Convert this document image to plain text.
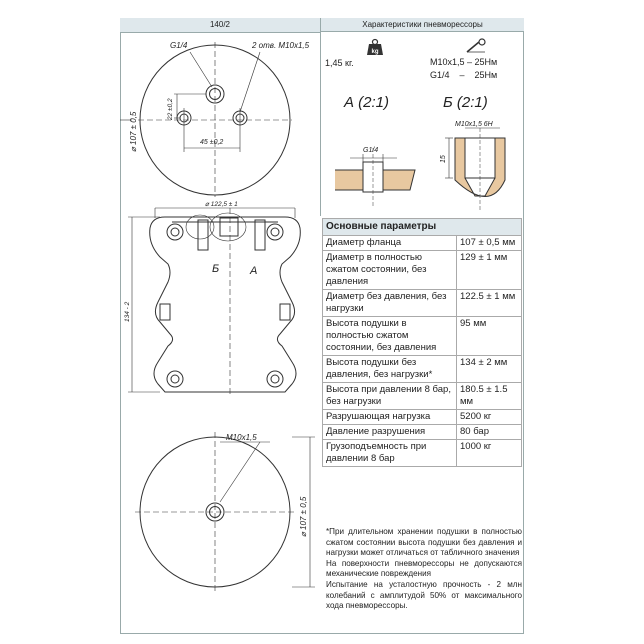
140/2	Характеристики пневморессоры
G1/4	2 отв. M10x1,5
⌀ 107 ± 0,5
22 ±0,2
45 ±0,2
⌀ 122,5 ± 1
134 - 2
Б	А
M10x1,5
⌀ 107 ± 0,5
kg
1,45 кг.	M10x1,5 – 25Нм
G1/4    –    25Нм
А (2:1)	Б (2:1)
G1/4
M10x1,5 6H
15
Основные параметры	
Диаметр фланца	107 ± 0,5 мм
Диаметр в полностью сжатом состоянии, без давления	129 ± 1 мм
Диаметр без давления, без нагрузки	122.5 ± 1 мм
Высота подушки в полностью сжатом состоянии, без давления	95 мм
Высота подушки без давления, без нагрузки*	134 ± 2 мм
Высота при давлении 8 бар, без нагрузки	180.5 ± 1.5 мм
Разрушающая нагрузка	5200 кг
Давление разрушения	80 бар
Грузоподъемность при давлении 8 бар	1000 кг

*При длительном хранении подушки в полностью сжатом состоянии высота подушки без давления и нагрузки может отличаться от табличного значения

На поверхности пневморессоры не допускаются механические повреждения

Испытание на усталостную прочность - 2 млн колебаний с амплитудой 50% от максимального хода пневморессоры.
